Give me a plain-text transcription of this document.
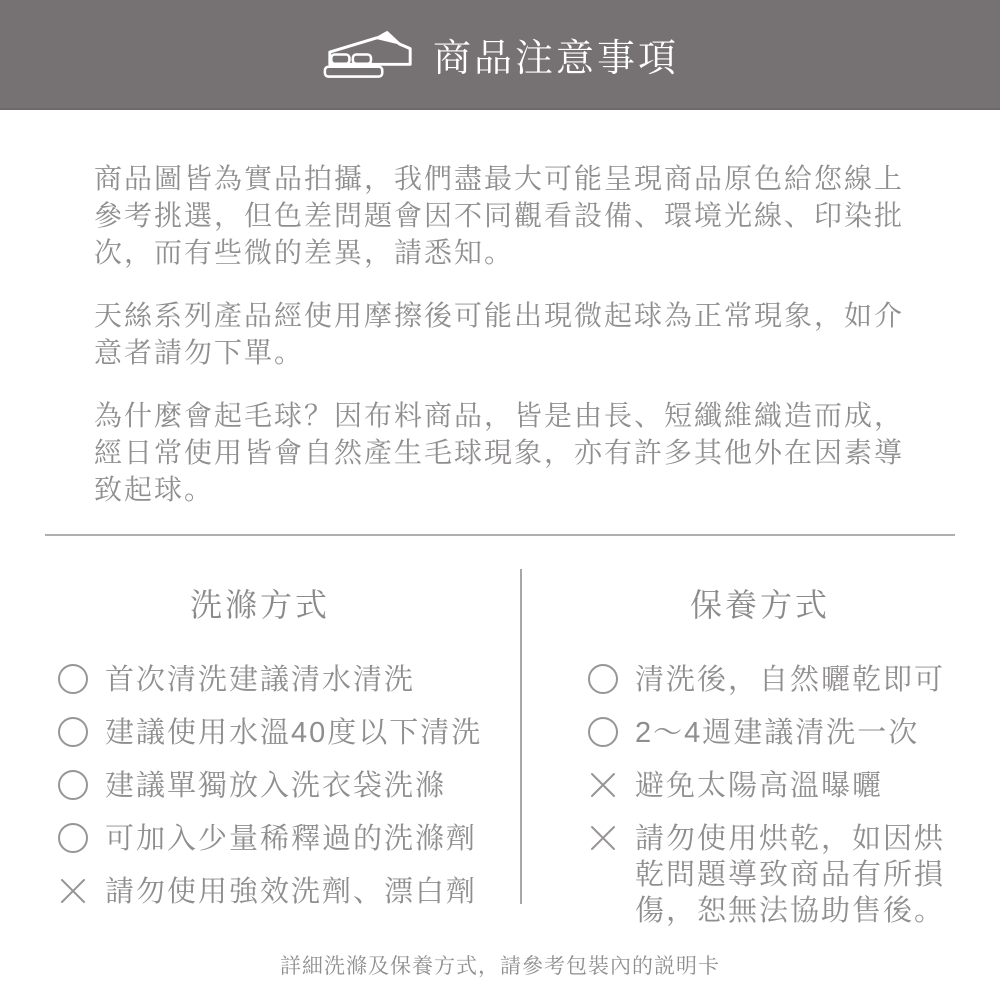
商品注意事項

商品圖皆為實品拍攝，我們盡最大可能呈現商品原色給您線上參考挑選，但色差問題會因不同觀看設備、環境光線、印染批次，而有些微的差異，請悉知。

天絲系列產品經使用摩擦後可能出現微起球為正常現象，如介意者請勿下單。

為什麼會起毛球？因布料商品，皆是由長、短纖維織造而成，經日常使用皆會自然產生毛球現象，亦有許多其他外在因素導致起球。

洗滌方式
首次清洗建議清水清洗
建議使用水溫40度以下清洗
建議單獨放入洗衣袋洗滌
可加入少量稀釋過的洗滌劑
請勿使用強效洗劑、漂白劑
保養方式
清洗後，自然曬乾即可
2～4週建議清洗一次
避免太陽高溫曝曬
請勿使用烘乾，如因烘乾問題導致商品有所損傷，恕無法協助售後。
詳細洗滌及保養方式，請參考包裝內的説明卡
